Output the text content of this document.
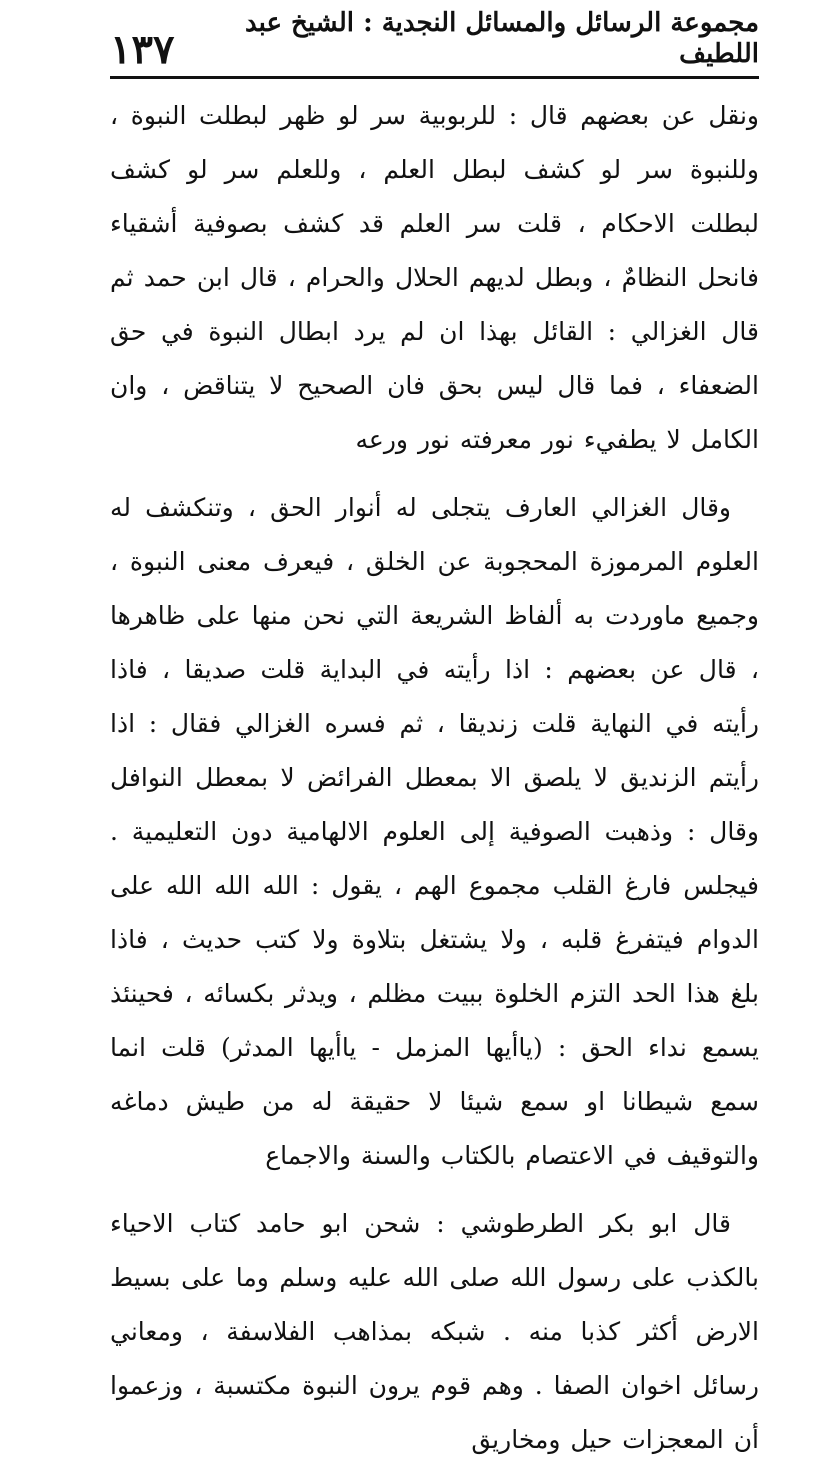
١٣٧
مجموعة الرسائل والمسائل النجدية : الشيخ عبد اللطيف

ونقل عن بعضهم قال : للربوبية سر لو ظهر لبطلت النبوة ، وللنبوة سر لو كشف لبطل العلم ، وللعلم سر لو كشف لبطلت الاحكام ، قلت سر العلم قد كشف بصوفية أشقياء فانحل النظامٌ ، وبطل لديهم الحلال والحرام ، قال ابن حمد ثم قال الغزالي : القائل بهذا ان لم يرد ابطال النبوة في حق الضعفاء ، فما قال ليس بحق فان الصحيح لا يتناقض ، وان الكامل لا يطفيء نور معرفته نور ورعه

وقال الغزالي العارف يتجلى له أنوار الحق ، وتنكشف له العلوم المرموزة المحجوبة عن الخلق ، فيعرف معنى النبوة ، وجميع ماوردت به ألفاظ الشريعة التي نحن منها على ظاهرها ، قال عن بعضهم : اذا رأيته في البداية قلت صديقا ، فاذا رأيته في النهاية قلت زنديقا ، ثم فسره الغزالي فقال : اذا رأيتم الزنديق لا يلصق الا بمعطل الفرائض لا بمعطل النوافل وقال : وذهبت الصوفية إلى العلوم الالهامية دون التعليمية . فيجلس فارغ القلب مجموع الهم ، يقول : الله الله الله على الدوام فيتفرغ قلبه ، ولا يشتغل بتلاوة ولا كتب حديث ، فاذا بلغ هذا الحد التزم الخلوة ببيت مظلم ، ويدثر بكسائه ، فحينئذ يسمع نداء الحق : (ياأيها المزمل - ياأيها المدثر) قلت انما سمع شيطانا او سمع شيئا لا حقيقة له من طيش دماغه والتوقيف في الاعتصام بالكتاب والسنة والاجماع

قال ابو بكر الطرطوشي : شحن ابو حامد كتاب الاحياء بالكذب على رسول الله صلى الله عليه وسلم وما على بسيط الارض أكثر كذبا منه . شبكه بمذاهب الفلاسفة ، ومعاني رسائل اخوان الصفا . وهم قوم يرون النبوة مكتسبة ، وزعموا أن المعجزات حيل ومخاريق
